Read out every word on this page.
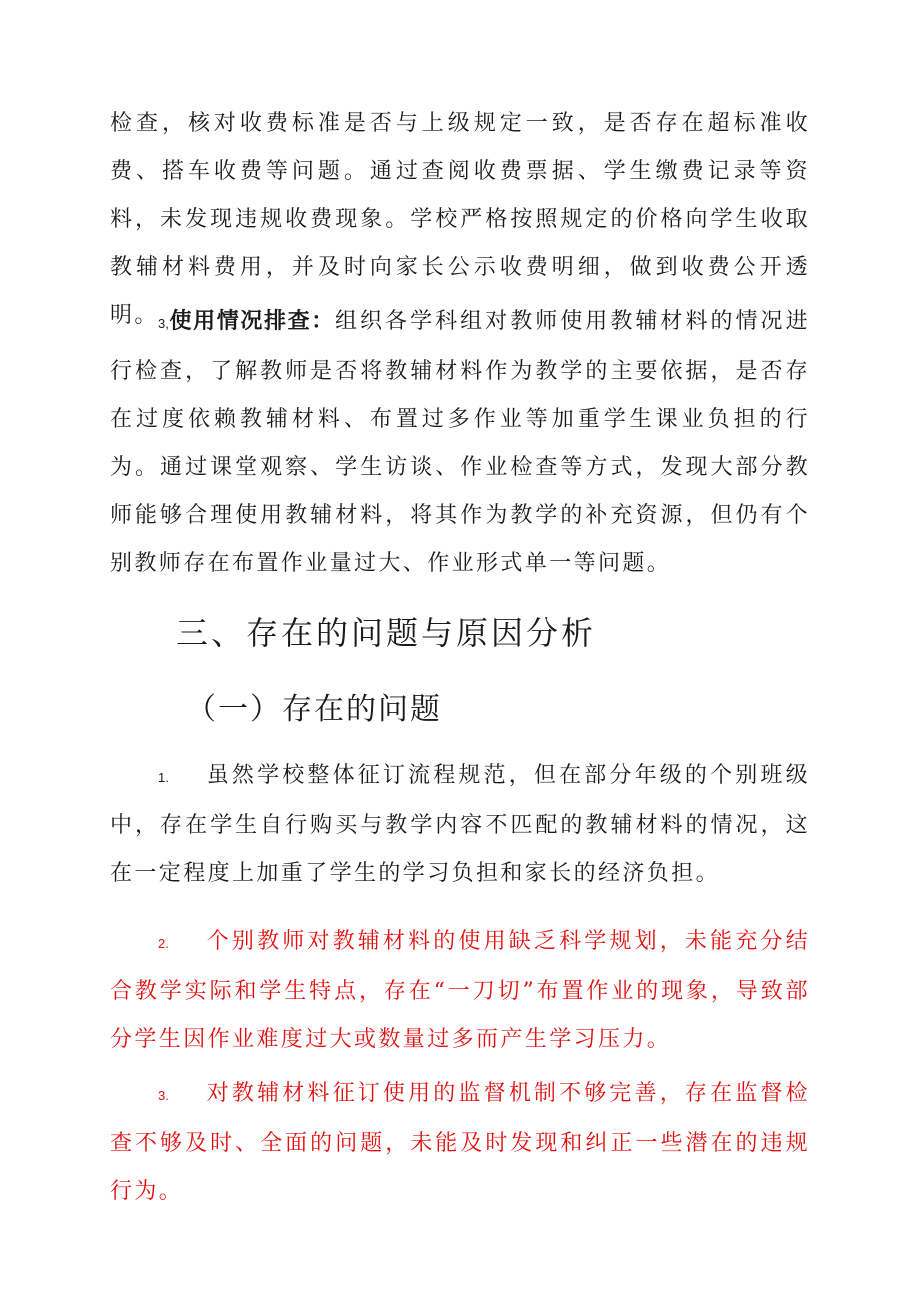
检查，核对收费标准是否与上级规定一致，是否存在超标准收费、搭车收费等问题。通过查阅收费票据、学生缴费记录等资料，未发现违规收费现象。学校严格按照规定的价格向学生收取教辅材料费用，并及时向家长公示收费明细，做到收费公开透明。 3,使用情况排查：组织各学科组对教师使用教辅材料的情况进行检查，了解教师是否将教辅材料作为教学的主要依据，是否存在过度依赖教辅材料、布置过多作业等加重学生课业负担的行为。通过课堂观察、学生访谈、作业检查等方式，发现大部分教师能够合理使用教辅材料，将其作为教学的补充资源，但仍有个别教师存在布置作业量过大、作业形式单一等问题。

三、存在的问题与原因分析
（一）存在的问题

1. 虽然学校整体征订流程规范，但在部分年级的个别班级中，存在学生自行购买与教学内容不匹配的教辅材料的情况，这在一定程度上加重了学生的学习负担和家长的经济负担。

2. 个别教师对教辅材料的使用缺乏科学规划，未能充分结合教学实际和学生特点，存在“一刀切”布置作业的现象，导致部分学生因作业难度过大或数量过多而产生学习压力。

3. 对教辅材料征订使用的监督机制不够完善，存在监督检查不够及时、全面的问题，未能及时发现和纠正一些潜在的违规行为。
